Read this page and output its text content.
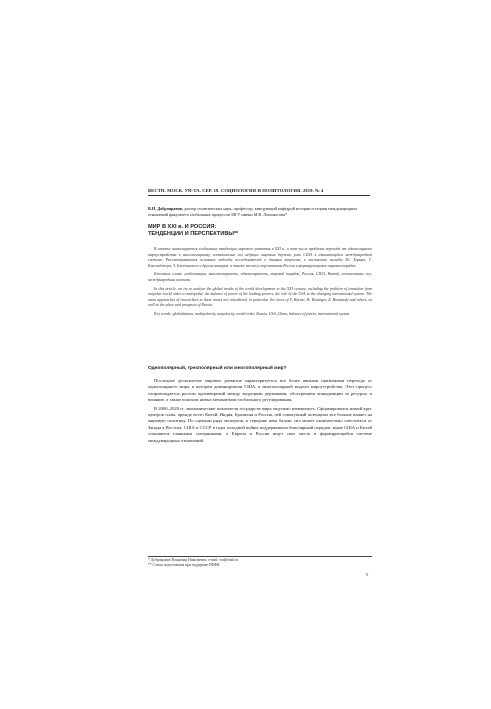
ВЕСТН. МОСК. УН-ТА. СЕР. 18. СОЦИОЛОГИЯ И ПОЛИТОЛОГИЯ. 2019. № 4
В.Н. Добронравов, доктор политических наук, профессор, заведующий кафедрой истории и теории международных отношений факультета глобальных процессов МГУ имени М.В. Ломоносова*
МИР В XXI в. И РОССИЯ:
ТЕНДЕНЦИИ И ПЕРСПЕКТИВЫ**

В статье анализируются глобальные тенденции мирового развития в XXI в., в том числе проблема перехода от однополярного мироустройства к многополярному, соотношение сил ведущих мировых держав, роль США в изменяющейся международной системе. Рассматриваются основные подходы исследователей к данным вопросам, в частности взгляды Ю. Харари, Г. Киссинджера, З. Бжезинского и других авторов, а также место и перспективы России в формирующемся мировом порядке.

Ключевые слова: глобализация, многополярность, однополярность, мировой порядок, Россия, США, Китай, соотношение сил, международная система.

In this article, we try to analyze the global trends of the world development in the XXI century, including the problem of transition from unipolar world order to multipolar, the balance of power of the leading powers, the role of the USA in the changing international system. The main approaches of researchers to these issues are considered, in particular the views of Y. Harari, H. Kissinger, Z. Brzezinski and others, as well as the place and prospects of Russia.

Key words: globalization, multipolarity, unipolarity, world order, Russia, USA, China, balance of power, international system.

Однополярный, трехполярный или многополярный мир?

Последнее десятилетие мировое развитие характеризуется все более явными признаками перехода от однополярного мира, в котором доминировали США, к многополярной модели мироустройства. Этот процесс сопровождается ростом противоречий между ведущими державами, обострением конкуренции за ресурсы и влияние, а также поиском новых механизмов глобального регулирования.

В 2000–2020 гг. экономические показатели государств мира ощутимо изменились. Сформировался новый круг центров силы, прежде всего Китай, Индия, Бразилия и Россия, чей совокупный потенциал все больше влияет на мировую политику. По оценкам ряда экспертов, к середине века баланс сил может окончательно сместиться от Запада к Востоку. США и СССР в годы холодной войны поддерживали биполярный порядок; ныне США и Китай становятся главными соперниками, а Европа и Россия ищут свое место в формирующейся системе международных отношений.

* Добронравов Владимир Николаевич, e-mail: vnd@mail.ru
** Статья подготовлена при поддержке РФФИ.
5
